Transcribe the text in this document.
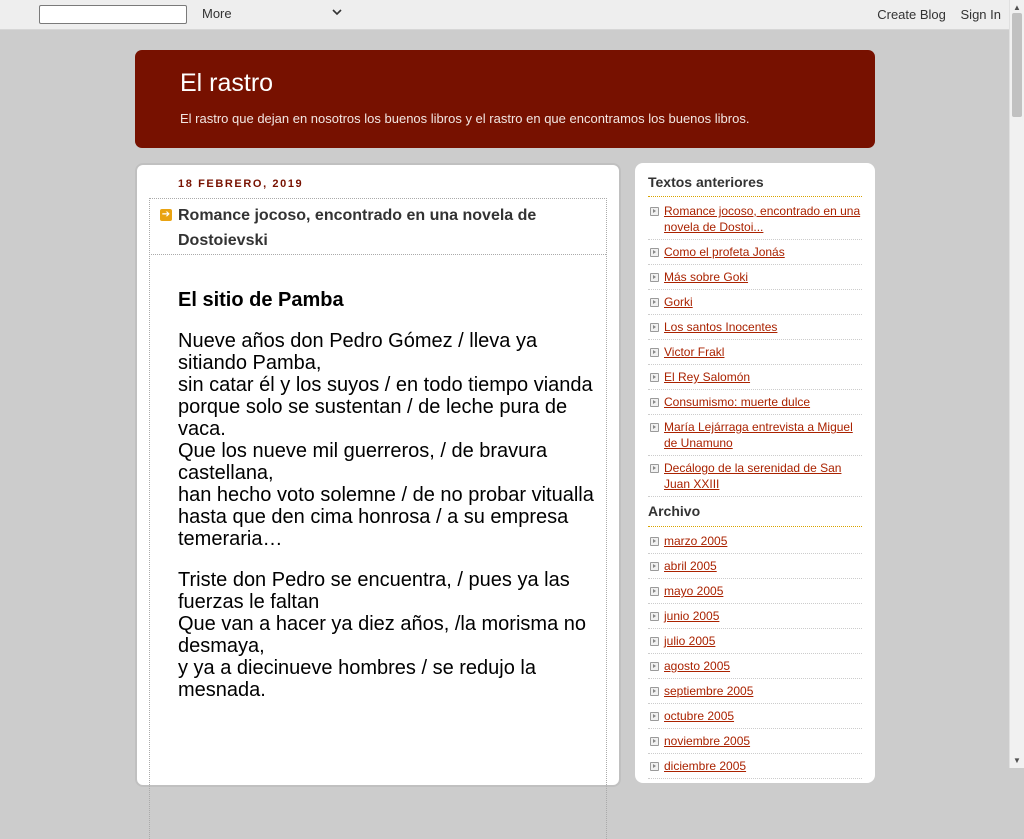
More	Create Blog Sign In ▲
▼
El rastro
El rastro que dejan en nosotros los buenos libros y el rastro en que encontramos los buenos libros.
18 FEBRERO, 2019
➔ Romance jocoso, encontrado en una novela de Dostoievski
El sitio de Pamba
Nueve años don Pedro Gómez / lleva ya sitiando Pamba,
sin catar él y los suyos / en todo tiempo vianda
porque solo se sustentan / de leche pura de vaca.
Que los nueve mil guerreros, / de bravura castellana,
han hecho voto solemne / de no probar vitualla
hasta que den cima honrosa / a su empresa temeraria…
Triste don Pedro se encuentra, / pues ya las fuerzas le faltan
Que van a hacer ya diez años, /la morisma no desmaya,
y ya a diecinueve hombres / se redujo la mesnada.
Textos anteriores
Romance jocoso, encontrado en una novela de Dostoi...
Como el profeta Jonás
Más sobre Goki
Gorki
Los santos Inocentes
Victor Frakl
El Rey Salomón
Consumismo: muerte dulce
María Lejárraga entrevista a Miguel de Unamuno
Decálogo de la serenidad de San Juan XXIII
Archivo
marzo 2005
abril 2005
mayo 2005
junio 2005
julio 2005
agosto 2005
septiembre 2005
octubre 2005
noviembre 2005
diciembre 2005
